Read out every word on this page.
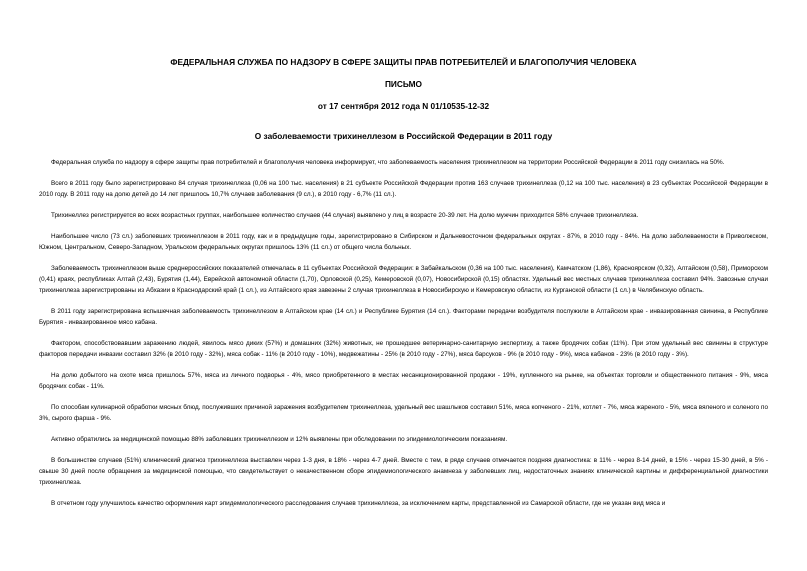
ФЕДЕРАЛЬНАЯ СЛУЖБА ПО НАДЗОРУ В СФЕРЕ ЗАЩИТЫ ПРАВ ПОТРЕБИТЕЛЕЙ И БЛАГОПОЛУЧИЯ ЧЕЛОВЕКА
ПИСЬМО
от 17 сентября 2012 года N 01/10535-12-32
О заболеваемости трихинеллезом в Российской Федерации в 2011 году

Федеральная служба по надзору в сфере защиты прав потребителей и благополучия человека информирует, что заболеваемость населения трихинеллезом на территории Российской Федерации в 2011 году снизилась на 50%.

Всего в 2011 году было зарегистрировано 84 случая трихинеллеза (0,06 на 100 тыс. населения) в 21 субъекте Российской Федерации против 163 случаев трихинеллеза (0,12 на 100 тыс. населения) в 23 субъектах Российской Федерации в 2010 году. В 2011 году на долю детей до 14 лет пришлось 10,7% случаев заболевания (9 сл.), в 2010 году - 6,7% (11 сл.).

Трихинеллез регистрируется во всех возрастных группах, наибольшее количество случаев (44 случая) выявлено у лиц в возрасте 20-39 лет. На долю мужчин приходится 58% случаев трихинеллеза.

Наибольшее число (73 сл.) заболевших трихинеллезом в 2011 году, как и в предыдущие годы, зарегистрировано в Сибирском и Дальневосточном федеральных округах - 87%, в 2010 году - 84%. На долю заболеваемости в Приволжском, Южном, Центральном, Северо-Западном, Уральском федеральных округах пришлось 13% (11 сл.) от общего числа больных.

Заболеваемость трихинеллезом выше среднероссийских показателей отмечалась в 11 субъектах Российской Федерации: в Забайкальском (0,36 на 100 тыс. населения), Камчатском (1,86), Красноярском (0,32), Алтайском (0,58), Приморском (0,41) краях, республиках Алтай (2,43), Бурятия (1,44), Еврейской автономной области (1,70), Орловской (0,25), Кемеровской (0,07), Новосибирской (0,15) областях. Удельный вес местных случаев трихинеллеза составил 94%. Завозные случаи трихинеллеза зарегистрированы из Абхазии в Краснодарский край (1 сл.), из Алтайского края завезены 2 случая трихинеллеза в Новосибирскую и Кемеровскую области, из Курганской области (1 сл.) в Челябинскую область.

В 2011 году зарегистрирована вспышечная заболеваемость трихинеллезом в Алтайском крае (14 сл.) и Республике Бурятия (14 сл.). Факторами передачи возбудителя послужили в Алтайском крае - инвазированная свинина, в Республике Бурятия - инвазированное мясо кабана.

Фактором, способствовавшим заражению людей, явилось мясо диких (57%) и домашних (32%) животных, не прошедшее ветеринарно-санитарную экспертизу, а также бродячих собак (11%). При этом удельный вес свинины в структуре факторов передачи инвазии составил 32% (в 2010 году - 32%), мяса собак - 11% (в 2010 году - 10%), медвежатины - 25% (в 2010 году - 27%), мяса барсуков - 9% (в 2010 году - 9%), мяса кабанов - 23% (в 2010 году - 3%).

На долю добытого на охоте мяса пришлось 57%, мяса из личного подворья - 4%, мясо приобретенного в местах несанкционированной продажи - 19%, купленного на рынке, на объектах торговли и общественного питания - 9%, мяса бродячих собак - 11%.

По способам кулинарной обработки мясных блюд, послуживших причиной заражения возбудителем трихинеллеза, удельный вес шашлыков составил 51%, мяса копченого - 21%, котлет - 7%, мяса жареного - 5%, мяса вяленого и соленого по 3%, сырого фарша - 9%.

Активно обратились за медицинской помощью 88% заболевших трихинеллезом и 12% выявлены при обследовании по эпидемиологическим показаниям.

В большинстве случаев (51%) клинический диагноз трихинеллеза выставлен через 1-3 дня, в 18% - через 4-7 дней. Вместе с тем, в ряде случаев отмечается поздняя диагностика: в 11% - через 8-14 дней, в 15% - через 15-30 дней, в 5% - свыше 30 дней после обращения за медицинской помощью, что свидетельствует о некачественном сборе эпидемиологического анамнеза у заболевших лиц, недостаточных знаниях клинической картины и дифференциальной диагностики трихинеллеза.

В отчетном году улучшилось качество оформления карт эпидемиологического расследования случаев трихинеллеза, за исключением карты, представленной из Самарской области, где не указан вид мяса и
